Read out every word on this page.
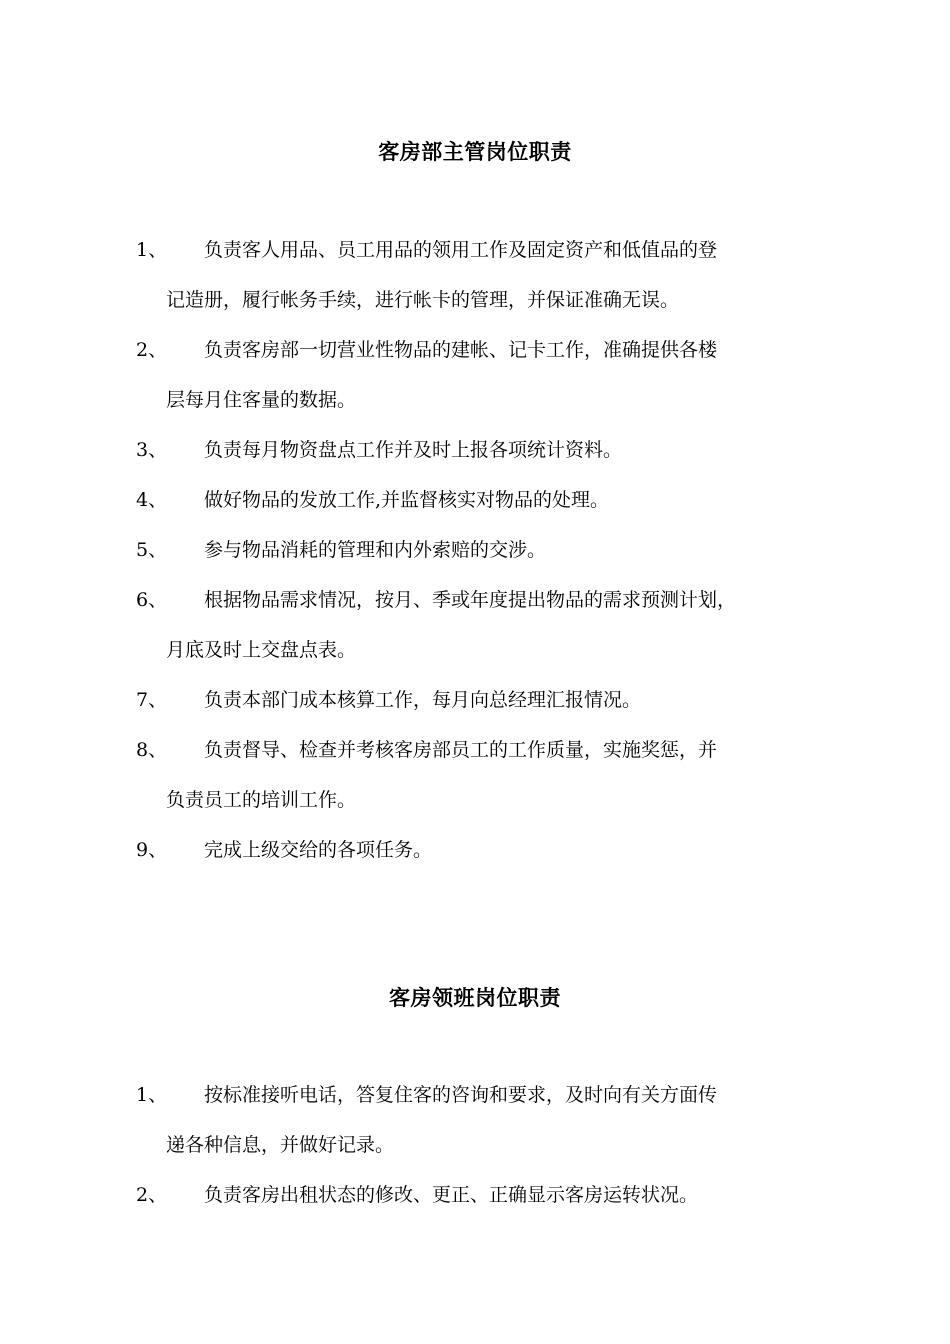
客房部主管岗位职责
1、 负责客人用品、员工用品的领用工作及固定资产和低值品的登
记造册，履行帐务手续，进行帐卡的管理，并保证准确无误。
2、 负责客房部一切营业性物品的建帐、记卡工作，准确提供各楼
层每月住客量的数据。
3、 负责每月物资盘点工作并及时上报各项统计资料。
4、 做好物品的发放工作,并监督核实对物品的处理。
5、 参与物品消耗的管理和内外索赔的交涉。
6、 根据物品需求情况，按月、季或年度提出物品的需求预测计划，
月底及时上交盘点表。
7、 负责本部门成本核算工作，每月向总经理汇报情况。
8、 负责督导、检查并考核客房部员工的工作质量，实施奖惩，并
负责员工的培训工作。
9、 完成上级交给的各项任务。
客房领班岗位职责
1、 按标准接听电话，答复住客的咨询和要求，及时向有关方面传
递各种信息，并做好记录。
2、 负责客房出租状态的修改、更正、正确显示客房运转状况。
